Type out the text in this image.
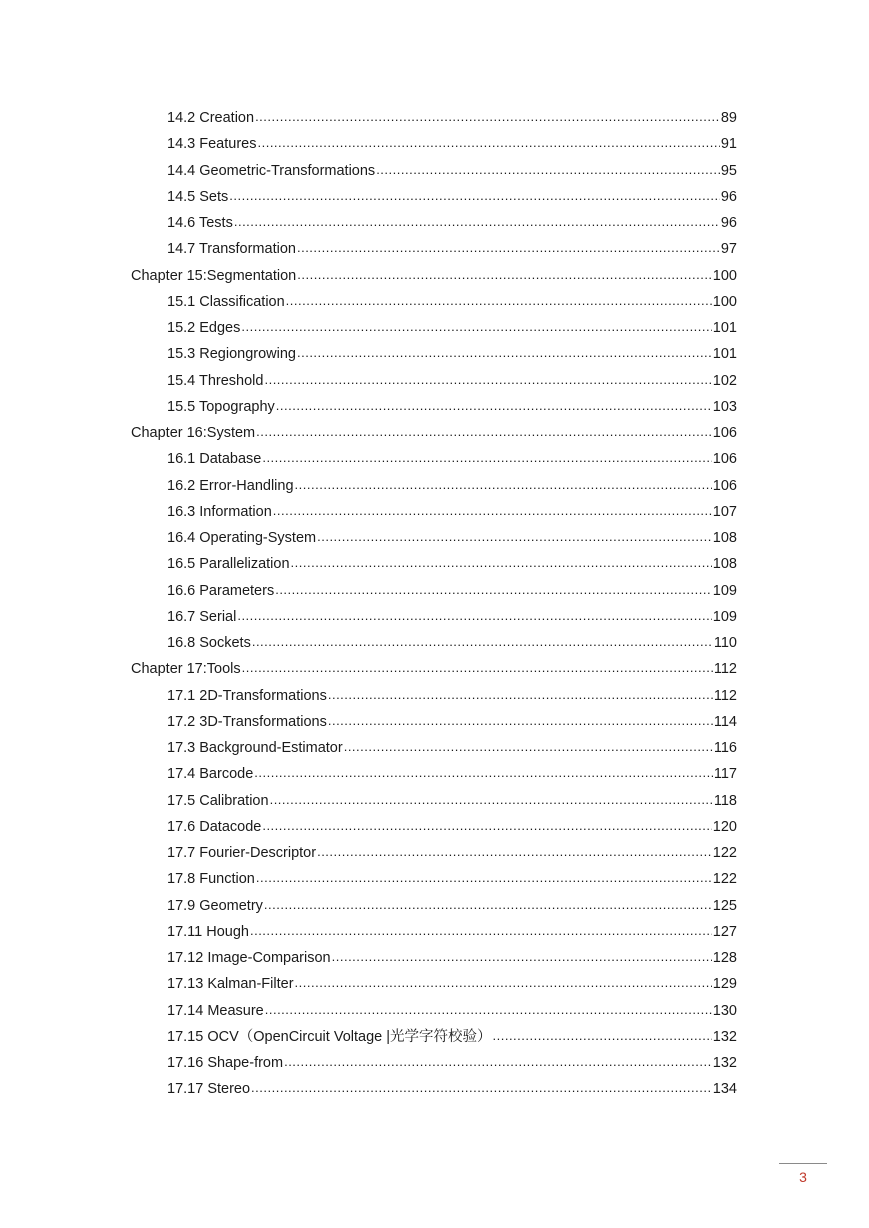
14.2 Creation .....	89
14.3 Features .....	91
14.4 Geometric-Transformations .....	95
14.5 Sets .....	96
14.6 Tests .....	96
14.7 Transformation .....	97
Chapter 15:Segmentation .....	100
15.1 Classification .....	100
15.2 Edges .....	101
15.3 Regiongrowing .....	101
15.4 Threshold .....	102
15.5 Topography .....	103
Chapter 16:System .....	106
16.1 Database .....	106
16.2 Error-Handling .....	106
16.3 Information .....	107
16.4 Operating-System .....	108
16.5 Parallelization .....	108
16.6 Parameters .....	109
16.7 Serial .....	109
16.8 Sockets .....	110
Chapter 17:Tools .....	112
17.1 2D-Transformations .....	112
17.2 3D-Transformations .....	114
17.3 Background-Estimator .....	116
17.4 Barcode .....	117
17.5 Calibration .....	118
17.6 Datacode .....	120
17.7 Fourier-Descriptor .....	122
17.8 Function .....	122
17.9 Geometry .....	125
17.11 Hough .....	127
17.12 Image-Comparison .....	128
17.13 Kalman-Filter .....	129
17.14 Measure .....	130
17.15 OCV（OpenCircuit Voltage |光学字符校验） .....	132
17.16 Shape-from .....	132
17.17 Stereo .....	134
3
